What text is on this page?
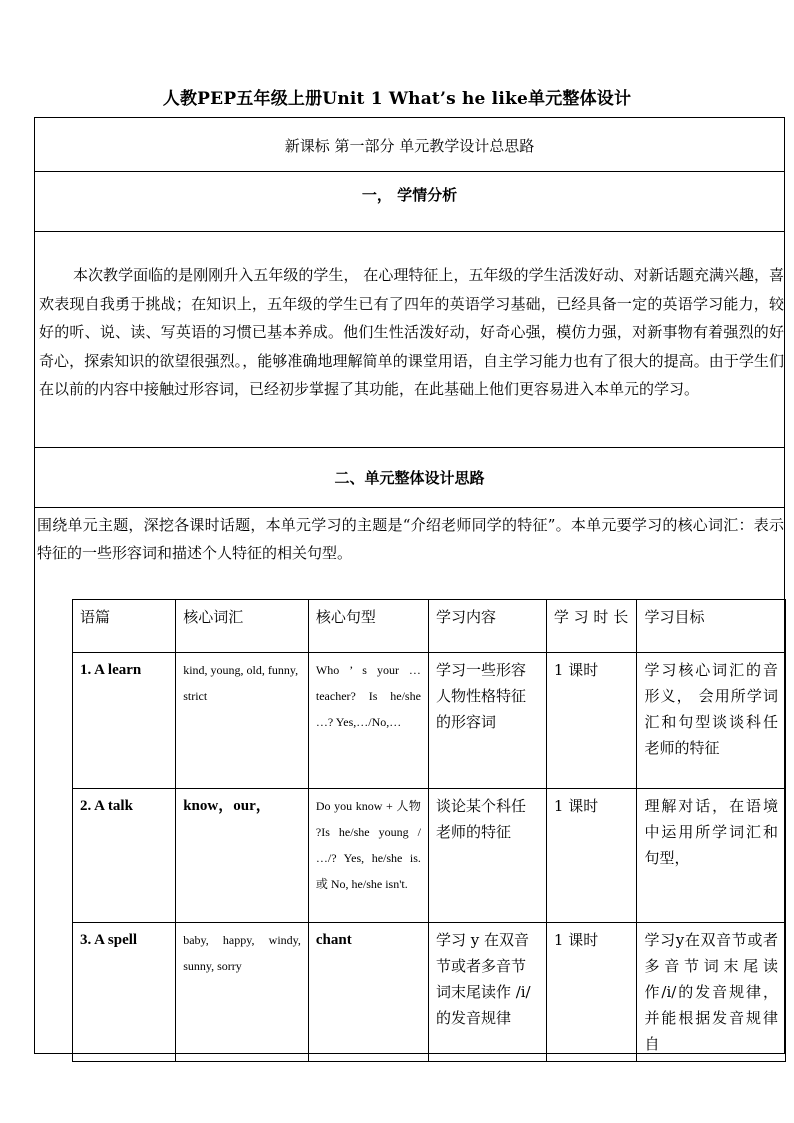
人教PEP五年级上册Unit 1 What’s he like单元整体设计
新课标 第一部分 单元教学设计总思路
一， 学情分析
本次教学面临的是刚刚升入五年级的学生， 在心理特征上，五年级的学生活泼好动、对新话题充满兴趣，喜欢表现自我勇于挑战；在知识上，五年级的学生已有了四年的英语学习基础，已经具备一定的英语学习能力，较好的听、说、读、写英语的习惯已基本养成。他们生性活泼好动，好奇心强，模仿力强，对新事物有着强烈的好奇心，探索知识的欲望很强烈。，能够准确地理解简单的课堂用语，自主学习能力也有了很大的提高。由于学生们在以前的内容中接触过形容词，已经初步掌握了其功能，在此基础上他们更容易进入本单元的学习。
二、单元整体设计思路
围绕单元主题，深挖各课时话题，本单元学习的主题是“介绍老师同学的特征”。本单元要学习的核心词汇：表示特征的一些形容词和描述个人特征的相关句型。
语篇	核心词汇	核心句型	学习内容	学 习 时 长	学习目标
1. A learn	kind, young, old, funny, strict	Who ’ s your … teacher? Is he/she …? Yes,…/No,…	学习一些形容人物性格特征的形容词	1 课时	学习核心词汇的音形义， 会用所学词汇和句型谈谈科任老师的特征
2. A talk	know，our，	Do you know + 人物 ?Is he/she young / …/? Yes, he/she is. 或 No, he/she isn't.	谈论某个科任老师的特征	1 课时	理解对话，在语境中运用所学词汇和句型，
3. A spell	baby, happy, windy, sunny, sorry	chant	学习 y 在双音节或者多音节词末尾读作 /i/ 的发音规律	1 课时	学习y在双音节或者多音节词末尾读作/i/的发音规律，并能根据发音规律自
